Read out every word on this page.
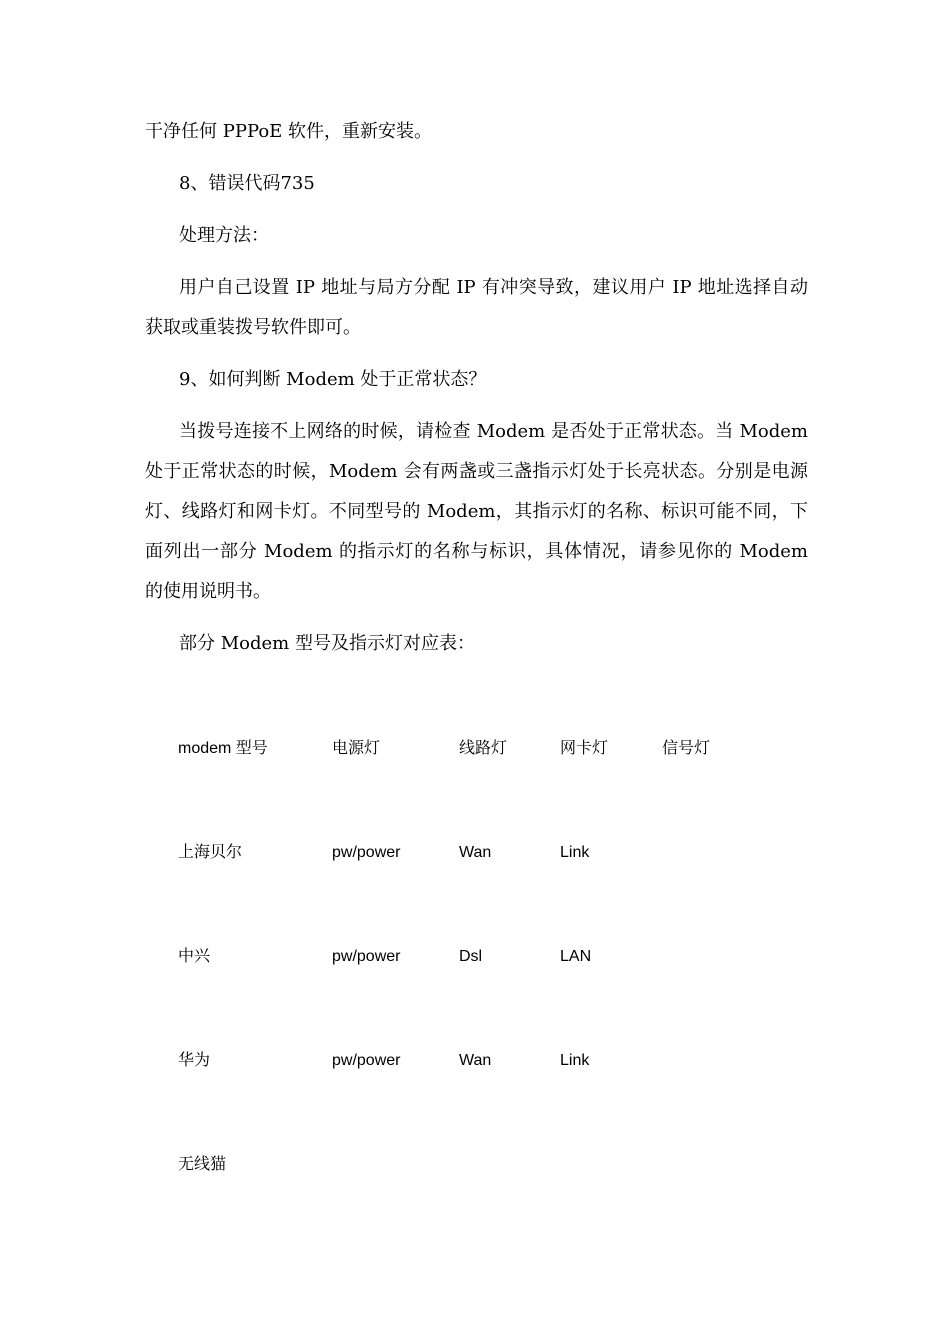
干净任何 PPPoE 软件，重新安装。

8、错误代码735

处理方法：

用户自己设置 IP 地址与局方分配 IP 有冲突导致，建议用户 IP 地址选择自动获取或重装拨号软件即可。

9、如何判断 Modem 处于正常状态？

当拨号连接不上网络的时候，请检查 Modem 是否处于正常状态。当 Modem 处于正常状态的时候，Modem 会有两盏或三盏指示灯处于长亮状态。分别是电源灯、线路灯和网卡灯。不同型号的 Modem，其指示灯的名称、标识可能不同，下面列出一部分 Modem 的指示灯的名称与标识，具体情况，请参见你的 Modem 的使用说明书。

部分 Modem 型号及指示灯对应表：

modem 型号	电源灯	线路灯	网卡灯	信号灯
上海贝尔	pw/power	Wan	Link
中兴	pw/power	Dsl	LAN
华为	pw/power	Wan	Link
无线猫
